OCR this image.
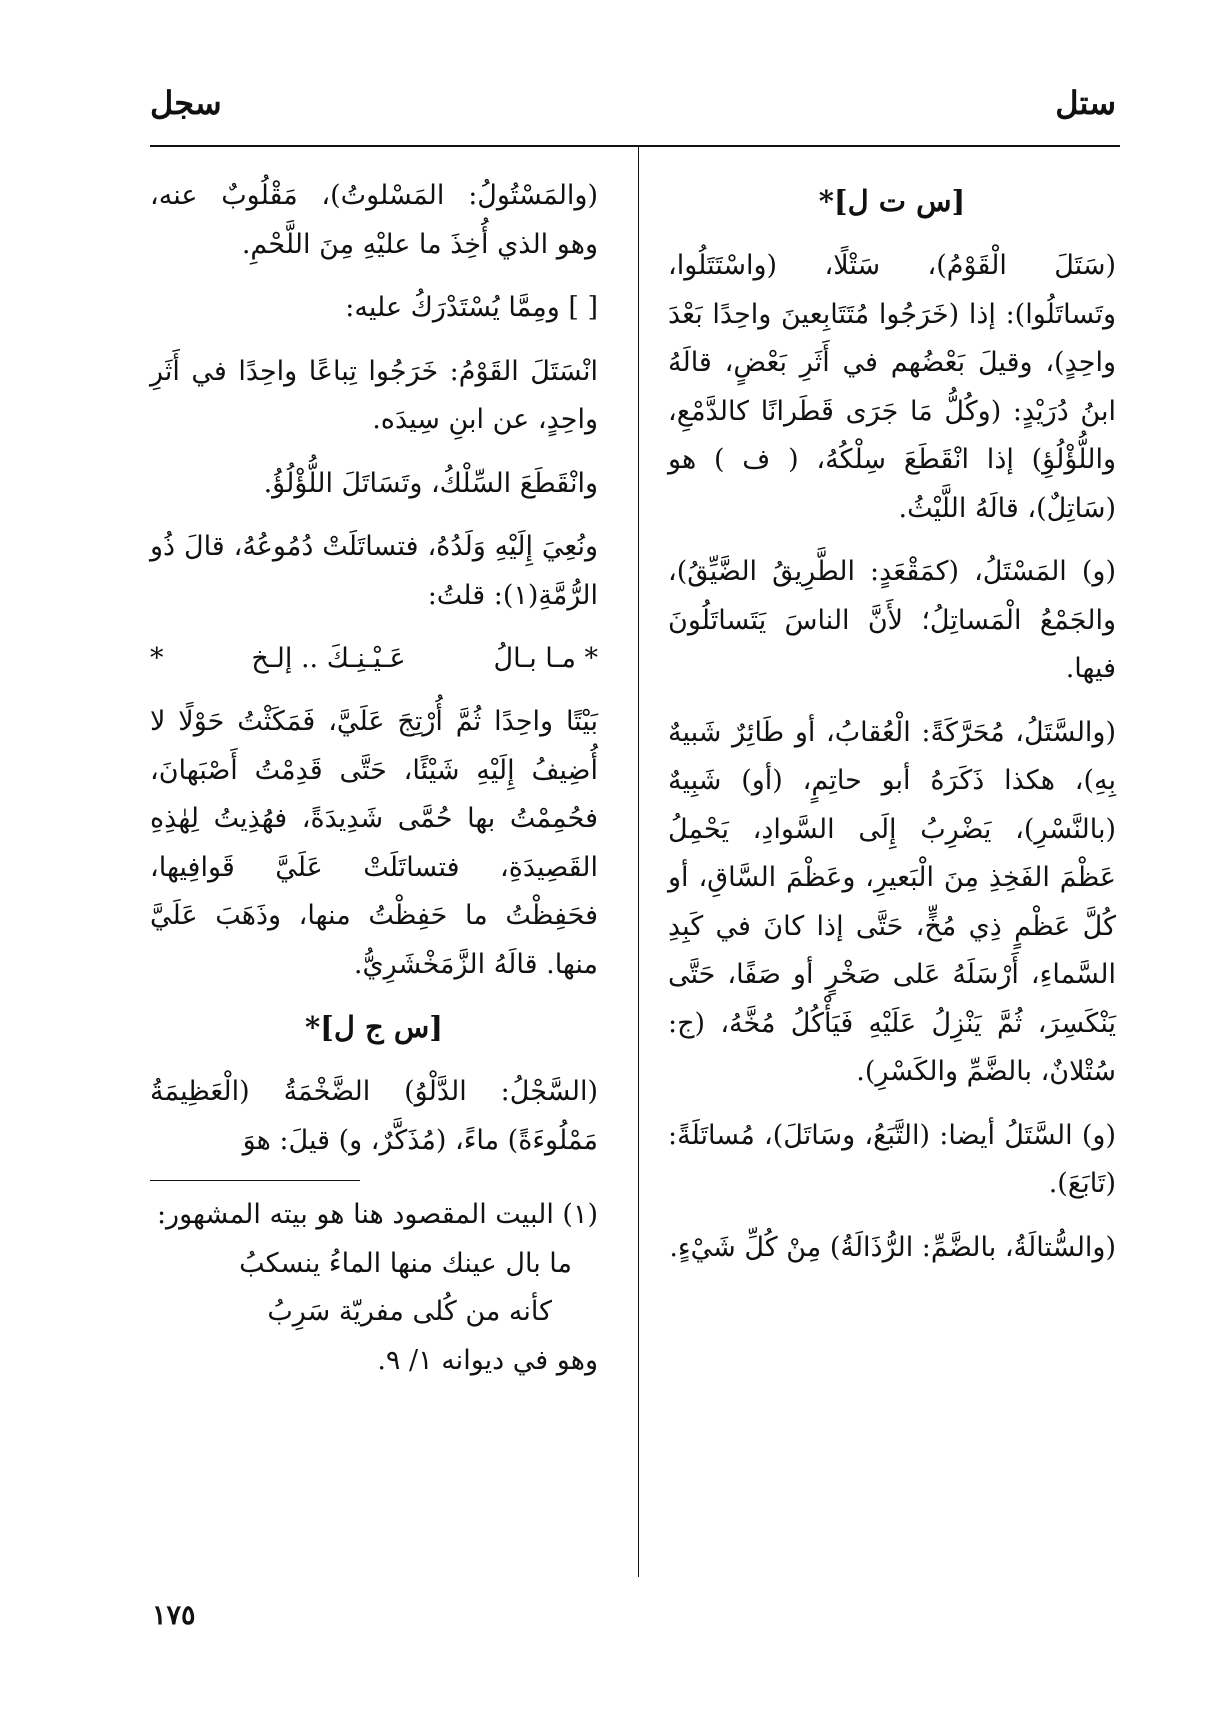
ستل
سجل
[س ت ل]*

(سَتَلَ الْقَوْمُ)، سَتْلًا، (واسْتَتَلُوا، وتَساتَلُوا): إذا (خَرَجُوا مُتَتَابِعينَ واحِدًا بَعْدَ واحِدٍ)، وقيلَ بَعْضُهم في أَثَرِ بَعْضٍ، قالَهُ ابنُ دُرَيْدٍ: (وكُلُّ مَا جَرَى قَطَرانًا كالدَّمْعِ، واللُّؤْلُؤِ) إذا انْقَطَعَ سِلْكُهُ، ( ف ) هو (سَاتِلٌ)، قالَهُ اللَّيْثُ.

(و) المَسْتَلُ، (كمَقْعَدٍ: الطَّرِيقُ الضَّيِّقُ)، والجَمْعُ الْمَساتِلُ؛ لأَنَّ الناسَ يَتَساتَلُونَ فيها.

(والسَّتَلُ، مُحَرَّكَةً: الْعُقابُ، أو طَائِرٌ شَبيهٌ بِهِ)، هكذا ذَكَرَهُ أبو حاتِمٍ، (أو) شَبِيهٌ (بالنَّسْرِ)، يَضْرِبُ إِلَى السَّوادِ، يَحْمِلُ عَظْمَ الفَخِذِ مِنَ الْبَعيرِ، وعَظْمَ السَّاقِ، أو كُلَّ عَظْمٍ ذِي مُخٍّ، حَتَّى إذا كانَ في كَبِدِ السَّماءِ، أَرْسَلَهُ عَلى صَخْرٍ أو صَفًا، حَتَّى يَنْكَسِرَ، ثُمَّ يَنْزِلُ عَلَيْهِ فَيَأْكُلُ مُخَّهُ، (ج: سُتْلانٌ، بالضَّمِّ والكَسْرِ).

(و) السَّتَلُ أيضا: (التَّبَعُ، وسَاتَلَ)، مُساتَلَةً: (تَابَعَ).

(والسُّتالَةُ، بالضَّمِّ: الرُّذَالَةُ) مِنْ كُلِّ شَيْءٍ.

(والمَسْتُولُ: المَسْلوتُ)، مَقْلُوبٌ عنه، وهو الذي أُخِذَ ما عليْهِ مِنَ اللَّحْمِ.

[ ] ومِمَّا يُسْتَدْرَكُ عليه:

انْسَتَلَ القَوْمُ: خَرَجُوا تِباعًا واحِدًا في أَثَرِ واحِدٍ، عن ابنِ سِيدَه.

وانْقَطَعَ السِّلْكُ، وتَسَاتَلَ اللُّؤْلُؤُ.

ونُعِيَ إِلَيْهِ وَلَدُهُ، فتساتَلَتْ دُمُوعُهُ، قالَ ذُو الرُّمَّةِ(١): قلتُ:

* مـا بـالُ
عَـيْـنِـكَ .. إلـخ
*

بَيْتًا واحِدًا ثُمَّ أُرْتِجَ عَلَيَّ، فَمَكَثْتُ حَوْلًا لا أُضِيفُ إِلَيْهِ شَيْئًا، حَتَّى قَدِمْتُ أَصْبَهانَ، فحُمِمْتُ بها حُمَّى شَدِيدَةً، فهُذِيتُ لِهٰذِهِ القَصِيدَةِ، فتساتَلَتْ عَلَيَّ قَوافِيها، فحَفِظْتُ ما حَفِظْتُ منها، وذَهَبَ عَلَيَّ منها. قالَهُ الزَّمَخْشَرِيُّ.

[س ج ل]*

(السَّجْلُ: الدَّلْوُ) الضَّخْمَةُ (الْعَظِيمَةُ مَمْلُوءَةً) ماءً، (مُذَكَّرٌ، و) قيلَ: هوَ

(١) البيت المقصود هنا هو بيته المشهور:

ما بال عينك منها الماءُ ينسكبُ

كأنه من كُلى مفريّة سَرِبُ

وهو في ديوانه ١/ ٩.

١٧٥
